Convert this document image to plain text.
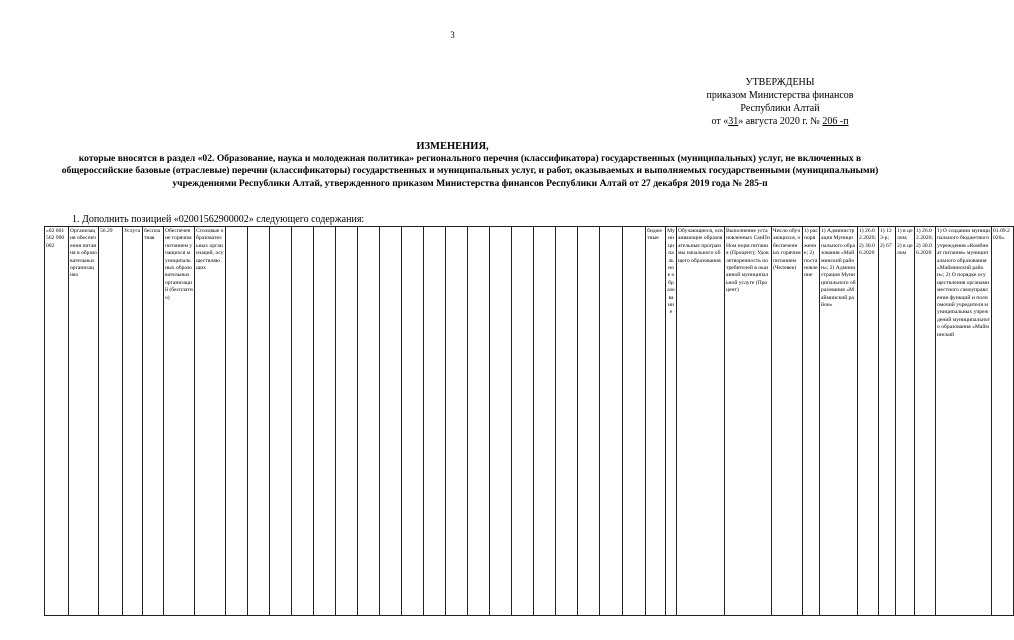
3
УТВЕРЖДЕНЫ
приказом Министерства финансов
Республики Алтай
от «31» августа 2020 г. № 206 -п
ИЗМЕНЕНИЯ,
которые вносятся в раздел «02. Образование, наука и молодежная политика» регионального перечня (классификатора) государственных (муниципальных) услуг, не включенных в общероссийские базовые (отраслевые) перечни (классификаторы) государственных и муниципальных услуг, и работ, оказываемых и выполняемых государственными (муниципальными) учреждениями Республики Алтай, утвержденного приказом Министерства финансов Республики Алтай от 27 декабря 2019 года № 285-п
1. Дополнить позицией «02001562900002» следующего содержания:
«02 001 562 900 002	Организация обеспечения питания в образовательных организациях	56.29	Услуга	бесплатная	Обеспечение горячим питанием учащихся муниципальных образовательных организаций (бесплатно)	Столовые образовательных организаций, осуществляющих																				биджетные	Муниципальное образование	Обучающиеся, осваивающие образовательные программы начального общего образования	Выполнение установленных СанПиНом норм питания (Процент); Удовлетворенность потребителей в оказанной муниципальной услуге (Процент)	Число обучающихся, обеспеченных горячим питанием (Человек)	1) распоряжение; 2) постановление	1) Администрация Муниципального образования «Майминский район»; 2) Администрация Муниципального образования «Майминский район»	1) 26.02.2020; 2) 30.06.2020	1) 123-р; 2) 67	1) в целом; 2) в целом	1) 26.02.2020; 2) 30.06.2020	1) О создании муниципального бюджетного учреждения «Комбинат питания» муниципального образования «Майминский район»; 2) О порядке осуществления органами местного самоуправления функций и полномочий учредителя муниципальных учреждений муниципального образования «Майминский	01.09.2020».
